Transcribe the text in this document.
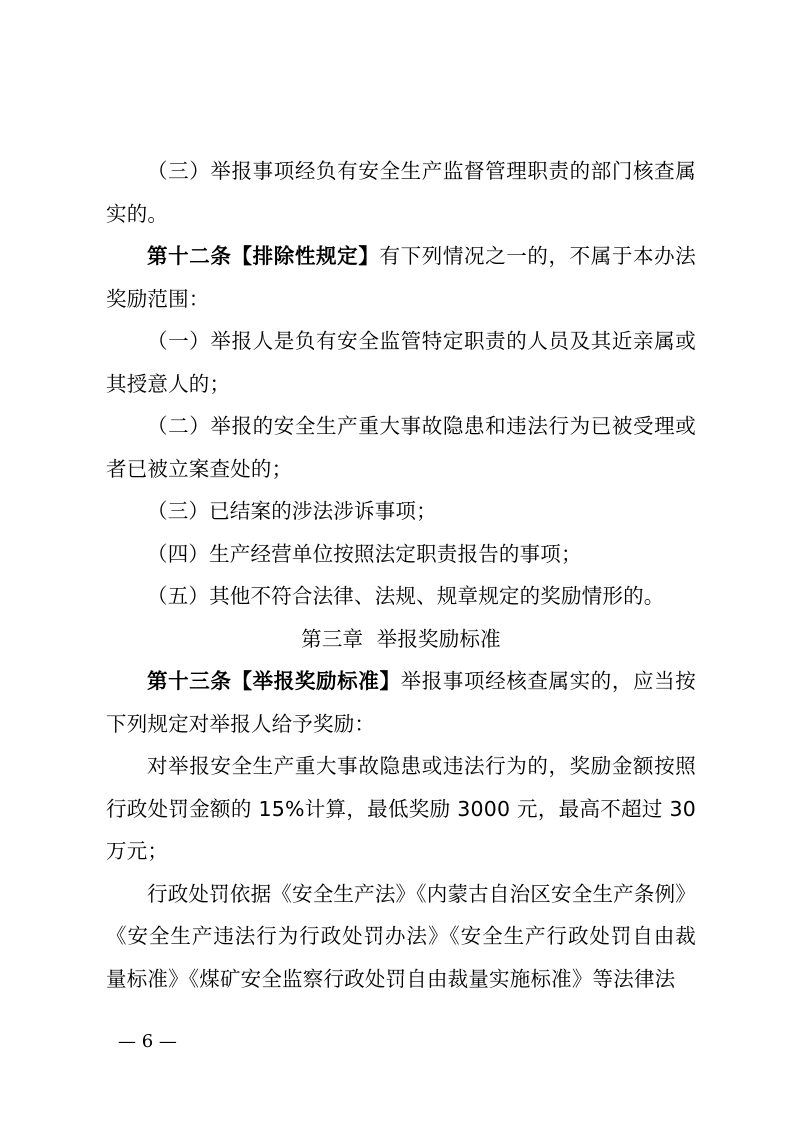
（三）举报事项经负有安全生产监督管理职责的部门核查属实的。

第十二条【排除性规定】有下列情况之一的，不属于本办法奖励范围：

（一）举报人是负有安全监管特定职责的人员及其近亲属或其授意人的；

（二）举报的安全生产重大事故隐患和违法行为已被受理或者已被立案查处的；

（三）已结案的涉法涉诉事项；

（四）生产经营单位按照法定职责报告的事项；

（五）其他不符合法律、法规、规章规定的奖励情形的。

第三章  举报奖励标准

第十三条【举报奖励标准】举报事项经核查属实的，应当按下列规定对举报人给予奖励：

对举报安全生产重大事故隐患或违法行为的，奖励金额按照行政处罚金额的 15%计算，最低奖励 3000 元，最高不超过 30 万元；

行政处罚依据《安全生产法》《内蒙古自治区安全生产条例》《安全生产违法行为行政处罚办法》《安全生产行政处罚自由裁量标准》《煤矿安全监察行政处罚自由裁量实施标准》等法律法

— 6 —
